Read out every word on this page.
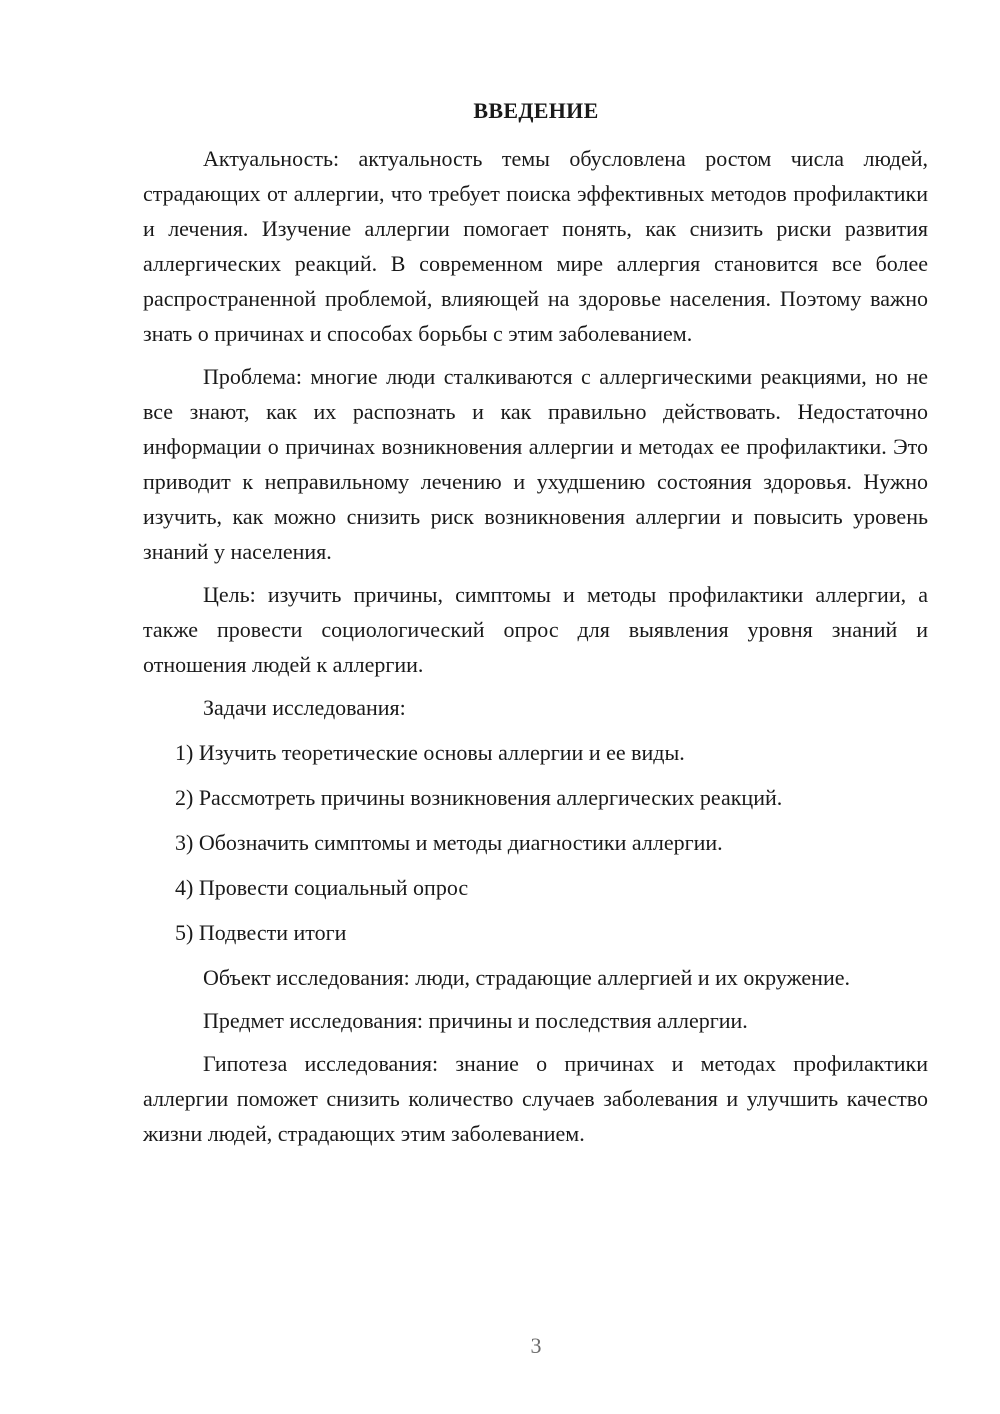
ВВЕДЕНИЕ

Актуальность: актуальность темы обусловлена ростом числа людей, страдающих от аллергии, что требует поиска эффективных методов профилактики и лечения. Изучение аллергии помогает понять, как снизить риски развития аллергических реакций. В современном мире аллергия становится все более распространенной проблемой, влияющей на здоровье населения. Поэтому важно знать о причинах и способах борьбы с этим заболеванием.

Проблема: многие люди сталкиваются с аллергическими реакциями, но не все знают, как их распознать и как правильно действовать. Недостаточно информации о причинах возникновения аллергии и методах ее профилактики. Это приводит к неправильному лечению и ухудшению состояния здоровья. Нужно изучить, как можно снизить риск возникновения аллергии и повысить уровень знаний у населения.

Цель: изучить причины, симптомы и методы профилактики аллергии, а также провести социологический опрос для выявления уровня знаний и отношения людей к аллергии.

Задачи исследования:

1) Изучить теоретические основы аллергии и ее виды.

2) Рассмотреть причины возникновения аллергических реакций.

3) Обозначить симптомы и методы диагностики аллергии.

4) Провести социальный опрос

5) Подвести итоги

Объект исследования: люди, страдающие аллергией и их окружение.

Предмет исследования: причины и последствия аллергии.

Гипотеза исследования: знание о причинах и методах профилактики аллергии поможет снизить количество случаев заболевания и улучшить качество жизни людей, страдающих этим заболеванием.

3
